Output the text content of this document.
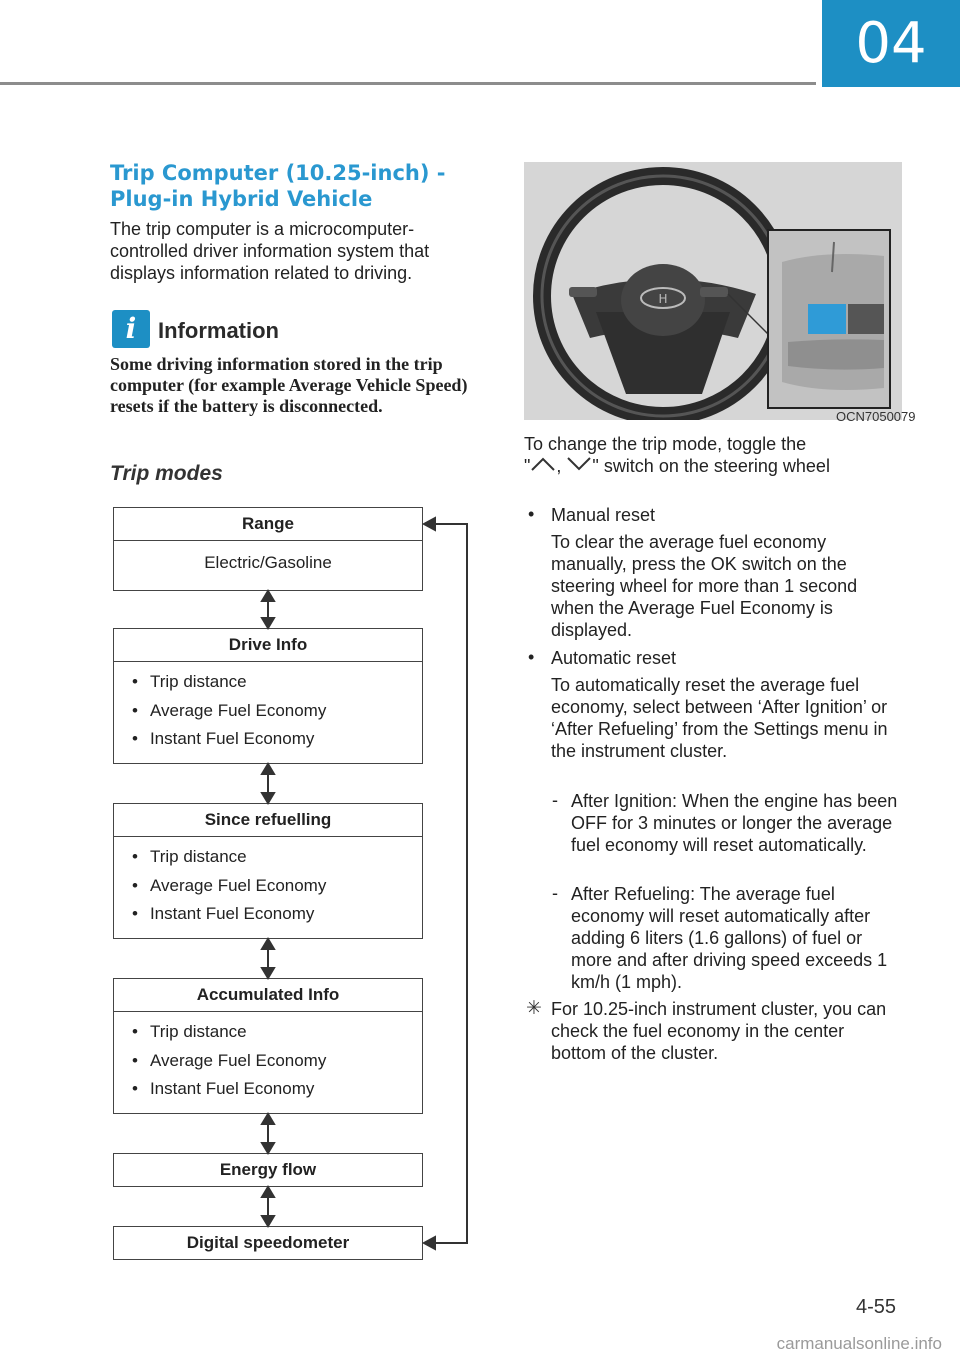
04
Trip Computer (10.25-inch) -
Plug-in Hybrid Vehicle

The trip computer is a microcomputer-controlled driver information system that displays information related to driving.

i Information

Some driving information stored in the trip computer (for example Average Vehicle Speed) resets if the battery is disconnected.

Trip modes
Range
Electric/Gasoline
Drive Info
• Trip distance
• Average Fuel Economy
• Instant Fuel Economy
Since refuelling
• Trip distance
• Average Fuel Economy
• Instant Fuel Economy
Accumulated Info
• Trip distance
• Average Fuel Economy
• Instant Fuel Economy
Energy flow
Digital speedometer
H
OCN7050079

To change the trip mode, toggle the

" , " switch on the steering wheel
• Manual reset

To clear the average fuel economy manually, press the OK switch on the steering wheel for more than 1 second when the Average Fuel Economy is displayed.

• Automatic reset

To automatically reset the average fuel economy, select between ‘After Ignition’ or ‘After Refueling’ from the Settings menu in the instrument cluster.

- After Ignition: When the engine has been OFF for 3 minutes or longer the average fuel economy will reset automatically.

- After Refueling: The average fuel economy will reset automatically after adding 6 liters (1.6 gallons) of fuel or more and after driving speed exceeds 1 km/h (1 mph).

✳ For 10.25-inch instrument cluster, you can check the fuel economy in the center bottom of the cluster.

4-55
carmanualsonline.info
